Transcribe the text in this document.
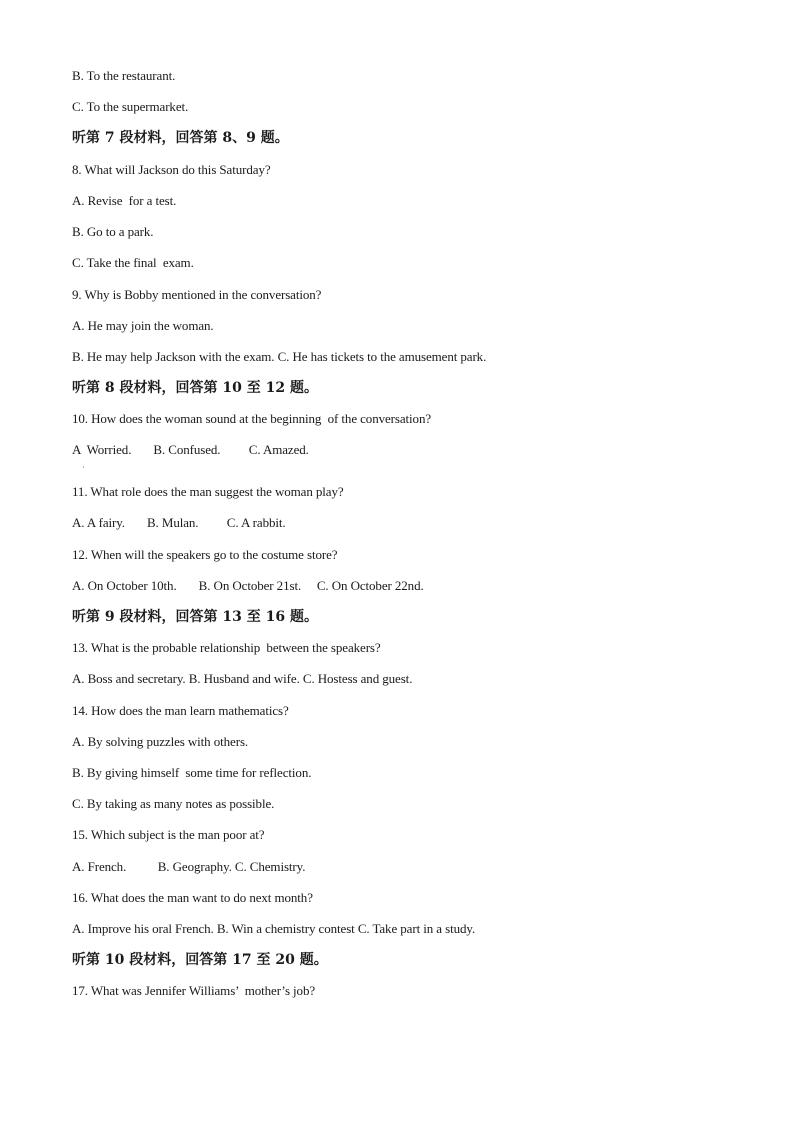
B. To the restaurant.
C. To the supermarket.
听第 7 段材料，回答第 8、9 题。
8. What will Jackson do this Saturday?
A. Revise  for a test.
B. Go to a park.
C. Take the final  exam.
9. Why is Bobby mentioned in the conversation?
A. He may join the woman.
B. He may help Jackson with the exam. C. He has tickets to the amusement park.
听第 8 段材料，回答第 10 至 12 题。
10. How does the woman sound at the beginning  of the conversation?
A  Worried.       B. Confused.         C. Amazed.
·
11. What role does the man suggest the woman play?
A. A fairy.       B. Mulan.         C. A rabbit.
12. When will the speakers go to the costume store?
A. On October 10th.       B. On October 21st.     C. On October 22nd.
听第 9 段材料，回答第 13 至 16 题。
13. What is the probable relationship  between the speakers?
A. Boss and secretary. B. Husband and wife. C. Hostess and guest.
14. How does the man learn mathematics?
A. By solving puzzles with others.
B. By giving himself  some time for reflection.
C. By taking as many notes as possible.
15. Which subject is the man poor at?
A. French.          B. Geography. C. Chemistry.
16. What does the man want to do next month?
A. Improve his oral French. B. Win a chemistry contest C. Take part in a study.
听第 10 段材料，回答第 17 至 20 题。
17. What was Jennifer Williams’  mother’s job?
